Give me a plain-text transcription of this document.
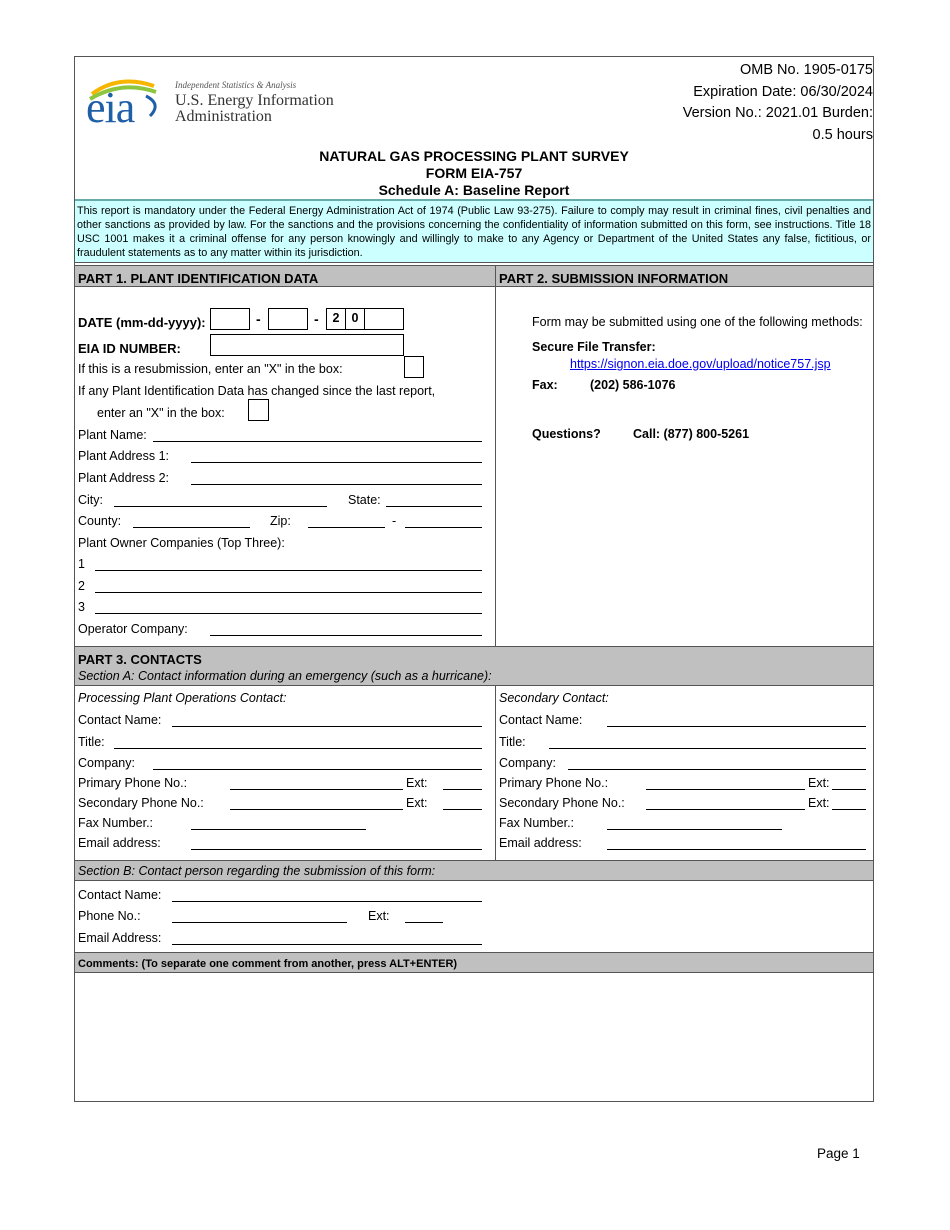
eia	Independent Statistics & Analysis
U.S. Energy Information
Administration
OMB No. 1905-0175
Expiration Date: 06/30/2024
Version No.: 2021.01 Burden:
0.5 hours
NATURAL GAS PROCESSING PLANT SURVEY
FORM EIA-757
Schedule A: Baseline Report
This report is mandatory under the Federal Energy Administration Act of 1974 (Public Law 93-275). Failure to comply may result in criminal fines, civil penalties and other sanctions as provided by law. For the sanctions and the provisions concerning the confidentiality of information submitted on this form, see instructions. Title 18 USC 1001 makes it a criminal offense for any person knowingly and willingly to make to any Agency or Department of the United States any false, fictitious, or fraudulent statements as to any matter within its jurisdiction.
PART 1. PLANT IDENTIFICATION DATA	PART 2. SUBMISSION INFORMATION
DATE (mm-dd-yyyy):	-	-	2 0
EIA ID NUMBER:
If this is a resubmission, enter an "X" in the box:
If any Plant Identification Data has changed since the last report,
enter an "X" in the box:
Plant Name:
Plant Address 1:
Plant Address 2:
City:	State:
County:	Zip:	-
Plant Owner Companies (Top Three):
1
2
3
Operator Company:
Form may be submitted using one of the following methods:
Secure File Transfer:
https://signon.eia.doe.gov/upload/notice757.jsp
Fax:	(202) 586-1076
Questions?	Call: (877) 800-5261
PART 3. CONTACTS
Section A: Contact information during an emergency (such as a hurricane):
Processing Plant Operations Contact:
Contact Name:
Title:
Company:
Primary Phone No.:	Ext:
Secondary Phone No.:	Ext:
Fax Number.:
Email address:
Secondary Contact:
Contact Name:
Title:
Company:
Primary Phone No.:	Ext:
Secondary Phone No.:	Ext:
Fax Number.:
Email address:
Section B: Contact person regarding the submission of this form:
Contact Name:
Phone No.:	Ext:
Email Address:
Comments: (To separate one comment from another, press ALT+ENTER)
Page 1
